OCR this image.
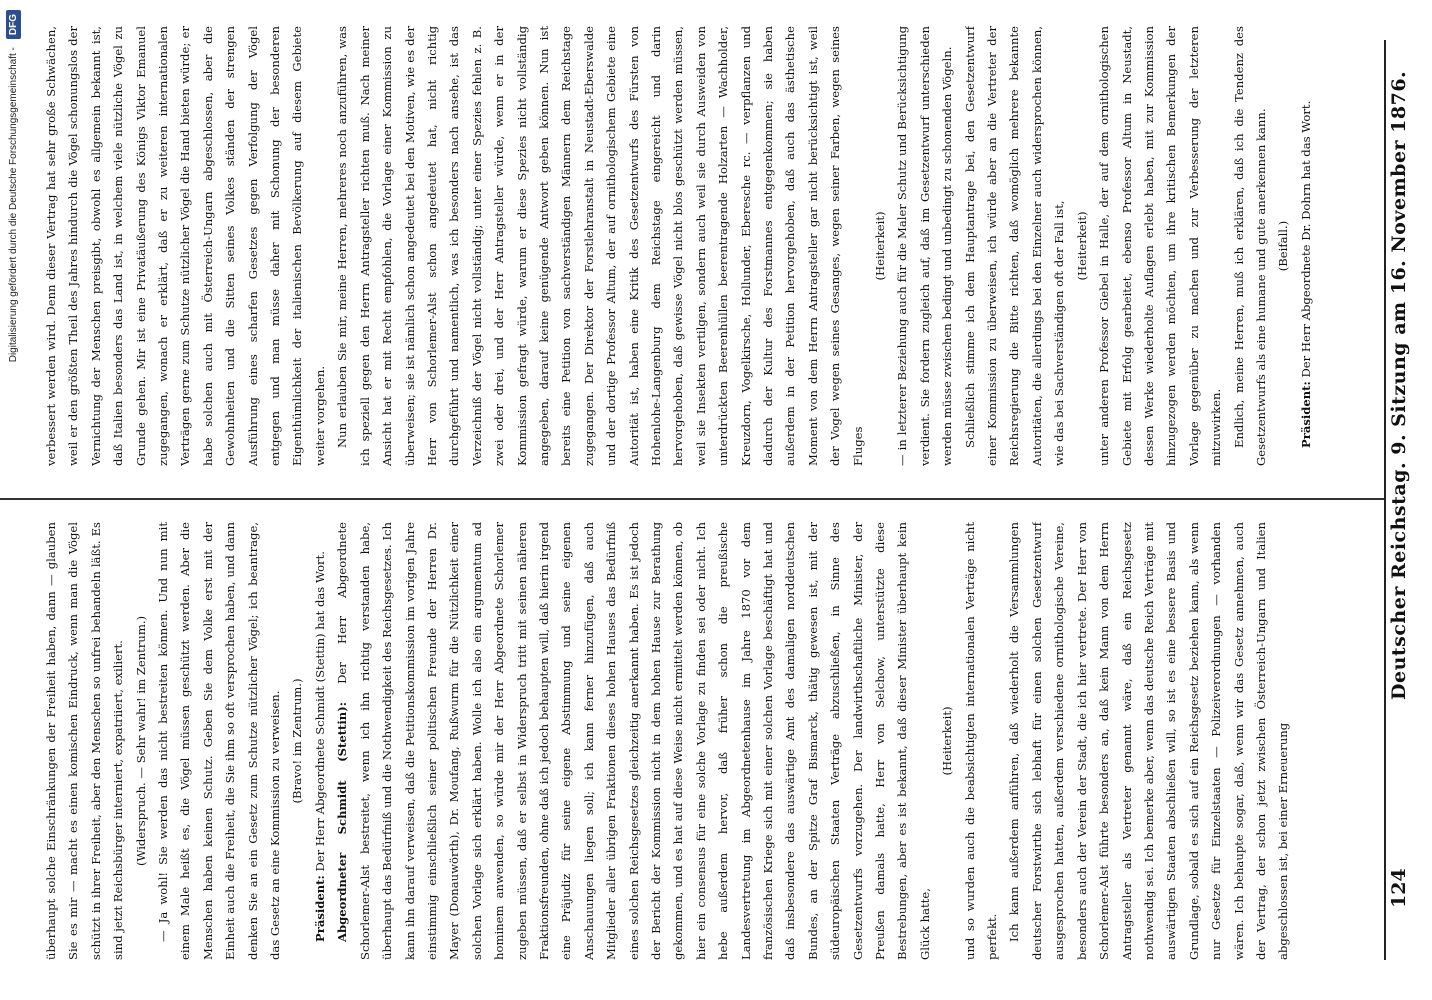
Digitalisierung gefördert durch die Deutsche Forschungsgemeinschaft -
DFG

überhaupt solche Einschränkungen der Freiheit haben, dann — glauben Sie es mir — macht es einen komischen Eindruck, wenn man die Vögel schützt in ihrer Freiheit, aber den Menschen so unfrei behandeln läßt. Es sind jetzt Reichsbürger interniert, expatriiert, exiliert. (Widerspruch. — Sehr wahr! im Zentrum.) — Ja wohl! Sie werden das nicht bestreiten können. Und nun mit einem Male heißt es, die Vögel müssen geschützt werden. Aber die Menschen haben keinen Schutz. Geben Sie dem Volke erst mit der Einheit auch die Freiheit, die Sie ihm so oft versprochen haben, und dann denken Sie an ein Gesetz zum Schutze nützlicher Vögel; ich beantrage, das Gesetz an eine Kommission zu verweisen. (Bravo! im Zentrum.)

Präsident: Der Herr Abgeordnete Schmidt (Stettin) hat das Wort. Abgeordneter Schmidt (Stettin): Der Herr Abgeordnete Schorlemer-Alst bestreitet, wenn ich ihn richtig verstanden habe, überhaupt das Bedürfniß und die Nothwendigkeit des Reichsgesetzes. Ich kann ihn darauf verweisen, daß die Petitionskommission im vorigen Jahre einstimmig einschließlich seiner politischen Freunde der Herren Dr. Mayer (Donauwörth), Dr. Moufang, Rußwurm für die Nützlichkeit einer solchen Vorlage sich erklärt haben. Wolle ich also ein argumentum ad hominem anwenden, so würde mir der Herr Abgeordnete Schorlemer zugeben müssen, daß er selbst in Widerspruch tritt mit seinen näheren Fraktionsfreunden, ohne daß ich jedoch behaupten will, daß hierin irgend eine Präjudiz für seine eigene Abstimmung und seine eigenen Anschauungen liegen soll; ich kann ferner hinzufügen, daß auch Mitglieder aller übrigen Fraktionen dieses hohen Hauses das Bedürfniß eines solchen Reichsgesetzes gleichzeitig anerkannt haben. Es ist jedoch der Bericht der Kommission nicht in dem hohen Hause zur Berathung gekommen, und es hat auf diese Weise nicht ermittelt werden können, ob hier ein consensus für eine solche Vorlage zu finden sei oder nicht. Ich hebe außerdem hervor, daß früher schon die preußische Landesvertretung im Abgeordnetenhause im Jahre 1870 vor dem französischen Kriege sich mit einer solchen Vorlage beschäftigt hat und daß insbesondere das auswärtige Amt des damaligen norddeutschen Bundes, an der Spitze Graf Bismarck, thätig gewesen ist, mit der südeuropäischen Staaten Verträge abzuschließen, in Sinne des Gesetzentwurfs vorzugehen. Der landwirthschaftliche Minister, der Preußen damals hatte, Herr von Selchow, unterstützte diese Bestrebungen, aber es ist bekannt, daß dieser Minister überhaupt kein Glück hatte,

(Heiterkeit) und so wurden auch die beabsichtigten internationalen Verträge nicht perfekt. Ich kann außerdem anführen, daß wiederholt die Versammlungen deutscher Forstwirthe sich lebhaft für einen solchen Gesetzentwurf ausgesprochen hatten, außerdem verschiedene ornithologische Vereine, besonders auch der Verein der Stadt, die ich hier vertrete. Der Herr von Schorlemer-Alst führte besonders an, daß kein Mann von dem Herrn Antragsteller als Vertreter genannt wäre, daß ein Reichsgesetz nothwendig sei. Ich bemerke aber, wenn das deutsche Reich Verträge mit auswärtigen Staaten abschließen will, so ist es eine bessere Basis und Grundlage, sobald es sich auf ein Reichsgesetz beziehen kann, als wenn nur Gesetze für Einzelstaaten — Polizeiverordnungen — vorhanden wären. Ich behaupte sogar, daß, wenn wir das Gesetz annehmen, auch der Vertrag, der schon jetzt zwischen Österreich-Ungarn und Italien abgeschlossen ist, bei einer Erneuerung

verbessert werden wird. Denn dieser Vertrag hat sehr große Schwächen, weil er den größten Theil des Jahres hindurch die Vögel schonungslos der Vernichtung der Menschen preisgibt, obwohl es allgemein bekannt ist, daß Italien besonders das Land ist, in welchem viele nützliche Vögel zu Grunde gehen. Mir ist eine Privatäußerung des Königs Viktor Emanuel zugegangen, wonach er erklärt, daß er zu weiteren internationalen Verträgen gerne zum Schutze nützlicher Vögel die Hand bieten würde; er habe solchen auch mit Österreich-Ungarn abgeschlossen, aber die Gewohnheiten und die Sitten seines Volkes ständen der strengen Ausführung eines scharfen Gesetzes gegen Verfolgung der Vögel entgegen und man müsse daher mit Schonung der besonderen Eigenthümlichkeit der italienischen Bevölkerung auf diesem Gebiete weiter vorgehen. Nun erlauben Sie mir, meine Herren, mehreres noch anzuführen, was ich speziell gegen den Herrn Antragsteller richten muß. Nach meiner Ansicht hat er mit Recht empfohlen, die Vorlage einer Kommission zu überweisen; sie ist nämlich schon angedeutet bei den Motiven, wie es der Herr von Schorlemer-Alst schon angedeutet hat, nicht richtig durchgeführt und namentlich, was ich besonders nach ansehe, ist das Verzeichniß der Vögel nicht vollständig; unter einer Spezies fehlen z. B. zwei oder drei, und der Herr Antragsteller würde, wenn er in der Kommission gefragt würde, warum er diese Spezies nicht vollständig angegeben, darauf keine genügende Antwort geben können. Nun ist bereits eine Petition von sachverständigen Männern dem Reichstage zugegangen. Der Direktor der Forstlehranstalt in Neustadt-Eberswalde und der dortige Professor Altum, der auf ornithologischem Gebiete eine Autorität ist, haben eine Kritik des Gesetzentwurfs des Fürsten von Hohenlohe-Langenburg dem Reichstage eingereicht und darin hervorgehoben, daß gewisse Vögel nicht blos geschützt werden müssen, weil sie Insekten vertilgen, sondern auch weil sie durch Ausweiden von unterdrückten Beerenhüllen beerentragende Holzarten — Wachholder, Kreuzdorn, Vogelkirsche, Hollunder, Eberesche rc. — verpflanzen und dadurch der Kultur des Forstmannes entgegenkommen; sie haben außerdem in der Petition hervorgehoben, daß auch das ästhetische Moment von dem Herrn Antragsteller gar nicht berücksichtigt ist, weil der Vogel wegen seines Gesanges, wegen seiner Farben, wegen seines Fluges

(Heiterkeit) — in letzterer Beziehung auch für die Maler Schutz und Berücksichtigung verdient. Sie fordern zugleich auf, daß im Gesetzentwurf unterschieden werden müsse zwischen bedingt und unbedingt zu schonenden Vögeln. Schließlich stimme ich dem Hauptantrage bei, den Gesetzentwurf einer Kommission zu überweisen, ich würde aber an die Vertreter der Reichsregierung die Bitte richten, daß womöglich mehrere bekannte Autoritäten, die allerdings bei den Einzelner auch widersprochen können, wie das bei Sachverständigen oft der Fall ist, (Heiterkeit) unter anderen Professor Giebel in Halle, der auf dem ornithologischen Gebiete mit Erfolg gearbeitet, ebenso Professor Altum in Neustadt, dessen Werke wiederholte Auflagen erlebt haben, mit zur Kommission hinzugezogen werden möchten, um ihre kritischen Bemerkungen der Vorlage gegenüber zu machen und zur Verbesserung der letzteren mitzuwirken. Endlich, meine Herren, muß ich erklären, daß ich die Tendenz des Gesetzentwurfs als eine humane und gute anerkennen kann. (Beifall.)

Präsident: Der Herr Abgeordnete Dr. Dohrn hat das Wort.

124
Deutscher Reichstag. 9. Sitzung am 16. November 1876.
